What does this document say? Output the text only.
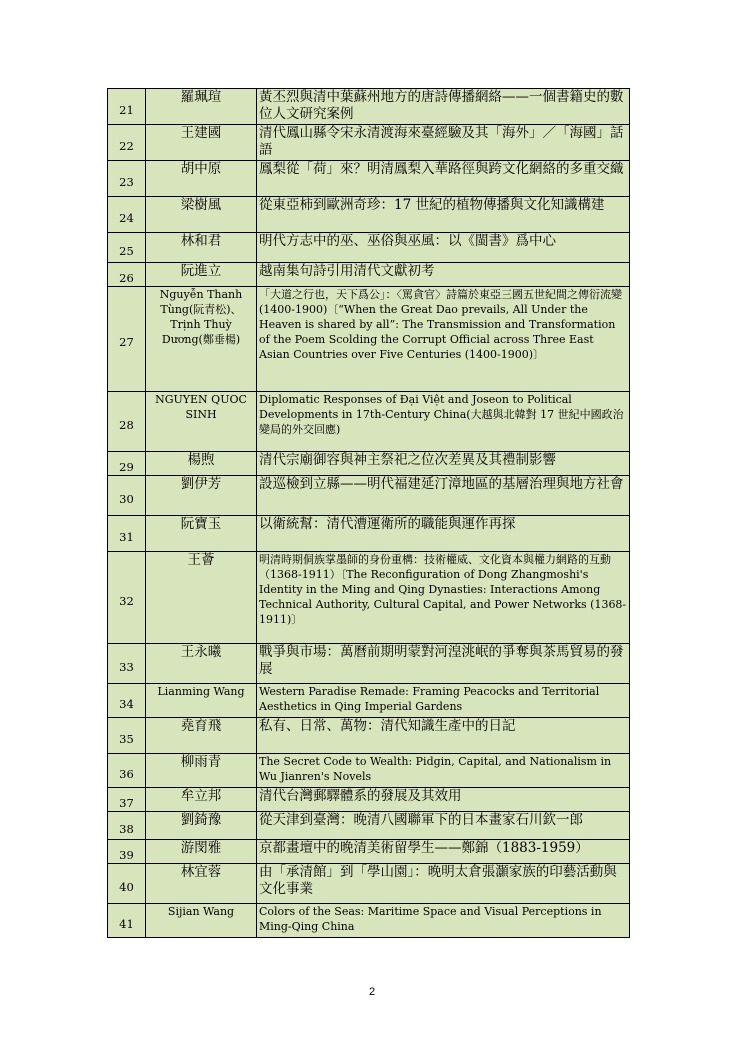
21	羅珮瑄	黃丕烈與清中葉蘇州地方的唐詩傳播網絡——一個書籍史的數位人文研究案例
22	王建國	清代鳳山縣令宋永清渡海來臺經驗及其「海外」／「海國」話語
23	胡中原	鳳梨從「荷」來？明清鳳梨入華路徑與跨文化網絡的多重交織
24	梁樹風	從東亞柿到歐洲奇珍：17 世紀的植物傳播與文化知識構建
25	林和君	明代方志中的巫、巫俗與巫風：以《閩書》爲中心
26	阮進立	越南集句詩引用清代文獻初考
27	Nguyễn Thanh Tùng(阮青松)、Trịnh Thuỳ Dương(鄭垂楊)	「大道之行也，天下爲公」：〈罵貪官〉詩篇於東亞三國五世紀間之傳衍流變(1400-1900)〔“When the Great Dao prevails, All Under the Heaven is shared by all”: The Transmission and Transformation of the Poem Scolding the Corrupt Official across Three East Asian Countries over Five Centuries (1400-1900)〕
28	NGUYEN QUOC SINH	Diplomatic Responses of Đại Việt and Joseon to Political Developments in 17th-Century China(大越與北韓對 17 世紀中國政治變局的外交回應)
29	楊煦	清代宗廟御容與神主祭祀之位次差異及其禮制影響
30	劉伊芳	設巡檢到立縣——明代福建延汀漳地區的基層治理與地方社會
31	阮寶玉	以衛統幫：清代漕運衛所的職能與運作再探
32	王薈	明清時期侗族掌墨師的身份重構：技術權威、文化資本與權力網路的互動（1368-1911）〔The Reconfiguration of Dong Zhangmoshi's Identity in the Ming and Qing Dynasties: Interactions Among Technical Authority, Cultural Capital, and Power Networks (1368-1911)〕
33	王永曦	戰爭與市場：萬曆前期明蒙對河湟洮岷的爭奪與茶馬貿易的發展
34	Lianming Wang	Western Paradise Remade: Framing Peacocks and Territorial Aesthetics in Qing Imperial Gardens
35	堯育飛	私有、日常、萬物：清代知識生產中的日記
36	柳雨青	The Secret Code to Wealth: Pidgin, Capital, and Nationalism in Wu Jianren's Novels
37	牟立邦	清代台灣郵驛體系的發展及其效用
38	劉錡豫	從天津到臺灣：晚清八國聯軍下的日本畫家石川欽一郎
39	游閔雅	京都畫壇中的晚清美術留學生——鄭錦（1883-1959）
40	林宜蓉	由「承清館」到「學山園」：晚明太倉張灝家族的印藝活動與文化事業
41	Sijian Wang	Colors of the Seas: Maritime Space and Visual Perceptions in Ming-Qing China
2
